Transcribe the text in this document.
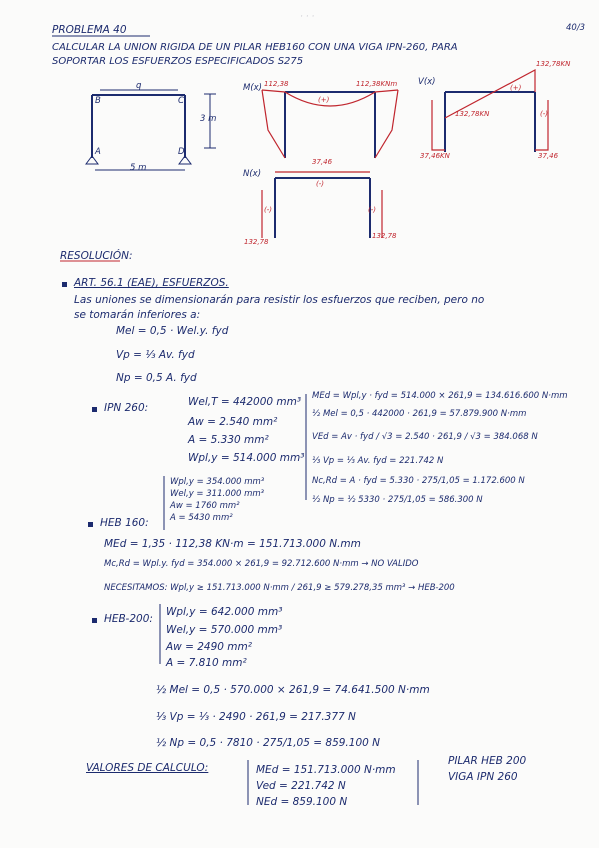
· · ·
PROBLEMA 40	40/3
CALCULAR LA UNION RIGIDA DE UN PILAR HEB160 CON UNA VIGA IPN-260, PARA
SOPORTAR LOS ESFUERZOS ESPECIFICADOS S275
B
q
C
A	D
3 m
5 m
M(x) 112,38	112,38KNm
(+)
V(x)
132,78KN
132,78KN
(+)
37,46KN	37,46
(-)
N(x)
37,46
(-)
132,78
132,78
(-)	(-)
RESOLUCIÓN:
ART. 56.1 (EAE), ESFUERZOS.
Las uniones se dimensionarán para resistir los esfuerzos que reciben, pero no
se tomarán inferiores a:
Mel = 0,5 · Wel.y. fyd
Vp = ⅓ Av. fyd
Np = 0,5 A. fyd
IPN 260:	Wel,T = 442000 mm³
Aw = 2.540 mm²
A = 5.330 mm²
Wpl,y = 514.000 mm³
MEd = Wpl,y · fyd = 514.000 × 261,9 = 134.616.600 N·mm
½ Mel = 0,5 · 442000 · 261,9 = 57.879.900 N·mm
VEd = Av · fyd / √3 = 2.540 · 261,9 / √3 = 384.068 N
⅓ Vp = ⅓ Av. fyd = 221.742 N
Nc,Rd = A · fyd = 5.330 · 275/1,05 = 1.172.600 N
½ Np = ½ 5330 · 275/1,05 = 586.300 N
Wpl,y = 354.000 mm³
Wel,y = 311.000 mm³
Aw = 1760 mm²
A = 5430 mm²
HEB 160:
MEd = 1,35 · 112,38 KN·m = 151.713.000 N.mm
Mc,Rd = Wpl.y. fyd = 354.000 × 261,9 = 92.712.600 N·mm → NO VALIDO
NECESITAMOS: Wpl,y ≥ 151.713.000 N·mm / 261,9 ≥ 579.278,35 mm³ → HEB-200
HEB-200:
Wpl,y = 642.000 mm³
Wel,y = 570.000 mm³
Aw = 2490 mm²
A = 7.810 mm²
½ Mel = 0,5 · 570.000 × 261,9 = 74.641.500 N·mm
⅓ Vp = ⅓ · 2490 · 261,9 = 217.377 N
½ Np = 0,5 · 7810 · 275/1,05 = 859.100 N
VALORES DE CALCULO:	MEd = 151.713.000 N·mm
Ved = 221.742 N
NEd = 859.100 N
PILAR HEB 200
VIGA IPN 260
